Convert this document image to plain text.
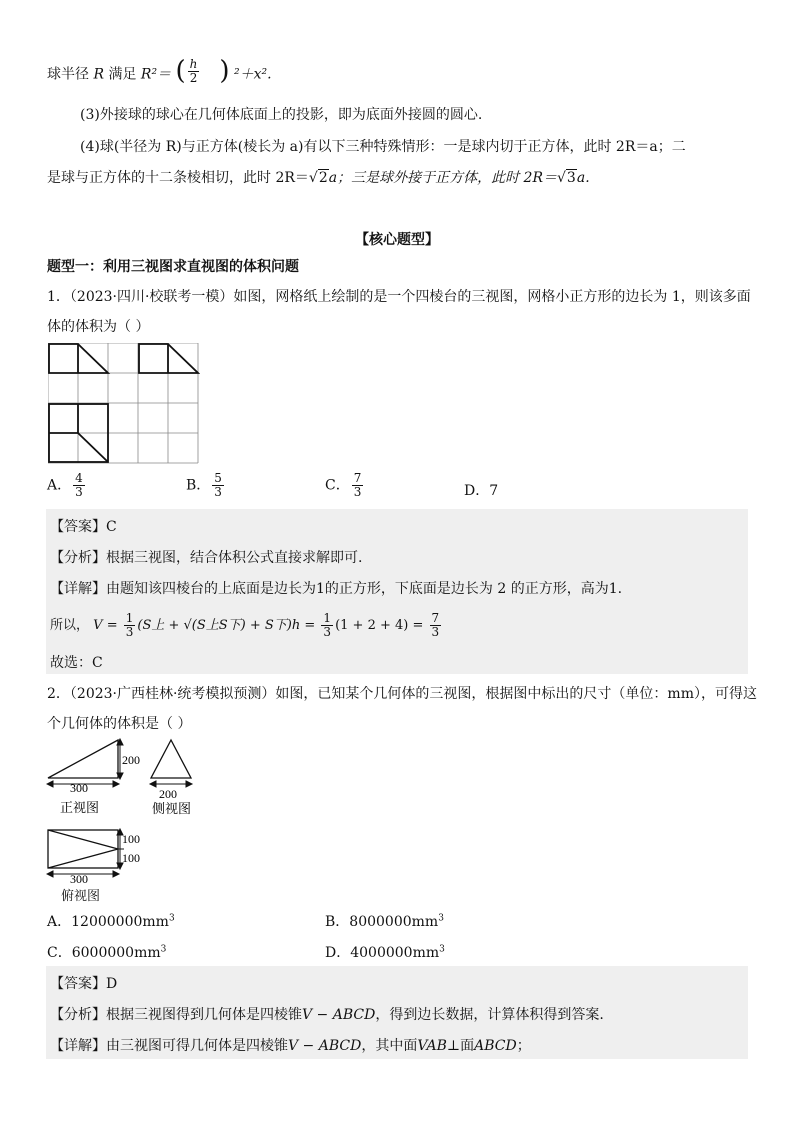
球半径 R 满足 R²＝ ( $\frac{h}{2}$ ) ²＋x².
(3)外接球的球心在几何体底面上的投影，即为底面外接圆的圆心.
(4)球(半径为 R)与正方体(棱长为 a)有以下三种特殊情形：一是球内切于正方体，此时 2R＝a；二
是球与正方体的十二条棱相切，此时 2R＝√2a；三是球外接于正方体，此时 2R＝√3a.
【核心题型】
题型一：利用三视图求直视图的体积问题
1．（2023·四川·校联考一模）如图，网格纸上绘制的是一个四棱台的三视图，网格小正方形的边长为 1，则该多面
体的体积为（ ）
A． $\frac{4}{3}$	B． $\frac{5}{3}$	C． $\frac{7}{3}$	D．7
【答案】C
【分析】根据三视图，结合体积公式直接求解即可.
【详解】由题知该四棱台的上底面是边长为1的正方形，下底面是边长为 2 的正方形，高为1.
所以， $V = \frac{1}{3} (S$上 + √(S上S下) + S下)$h = \frac{1}{3} (1 + 2 + 4) = \frac{7}{3}$
故选：C
2．（2023·广西桂林·统考模拟预测）如图，已知某个几何体的三视图，根据图中标出的尺寸（单位：mm），可得这
个几何体的体积是（ ）
200
300
正视图
200
侧视图
100
100
300
俯视图
A．$12000000mm^3$	B．$8000000mm^3$
C．$6000000mm^3$	D．$4000000mm^3$
【答案】D
【分析】根据三视图得到几何体是四棱锥V − ABCD，得到边长数据，计算体积得到答案.
【详解】由三视图可得几何体是四棱锥V − ABCD，其中面VAB⊥面ABCD；
